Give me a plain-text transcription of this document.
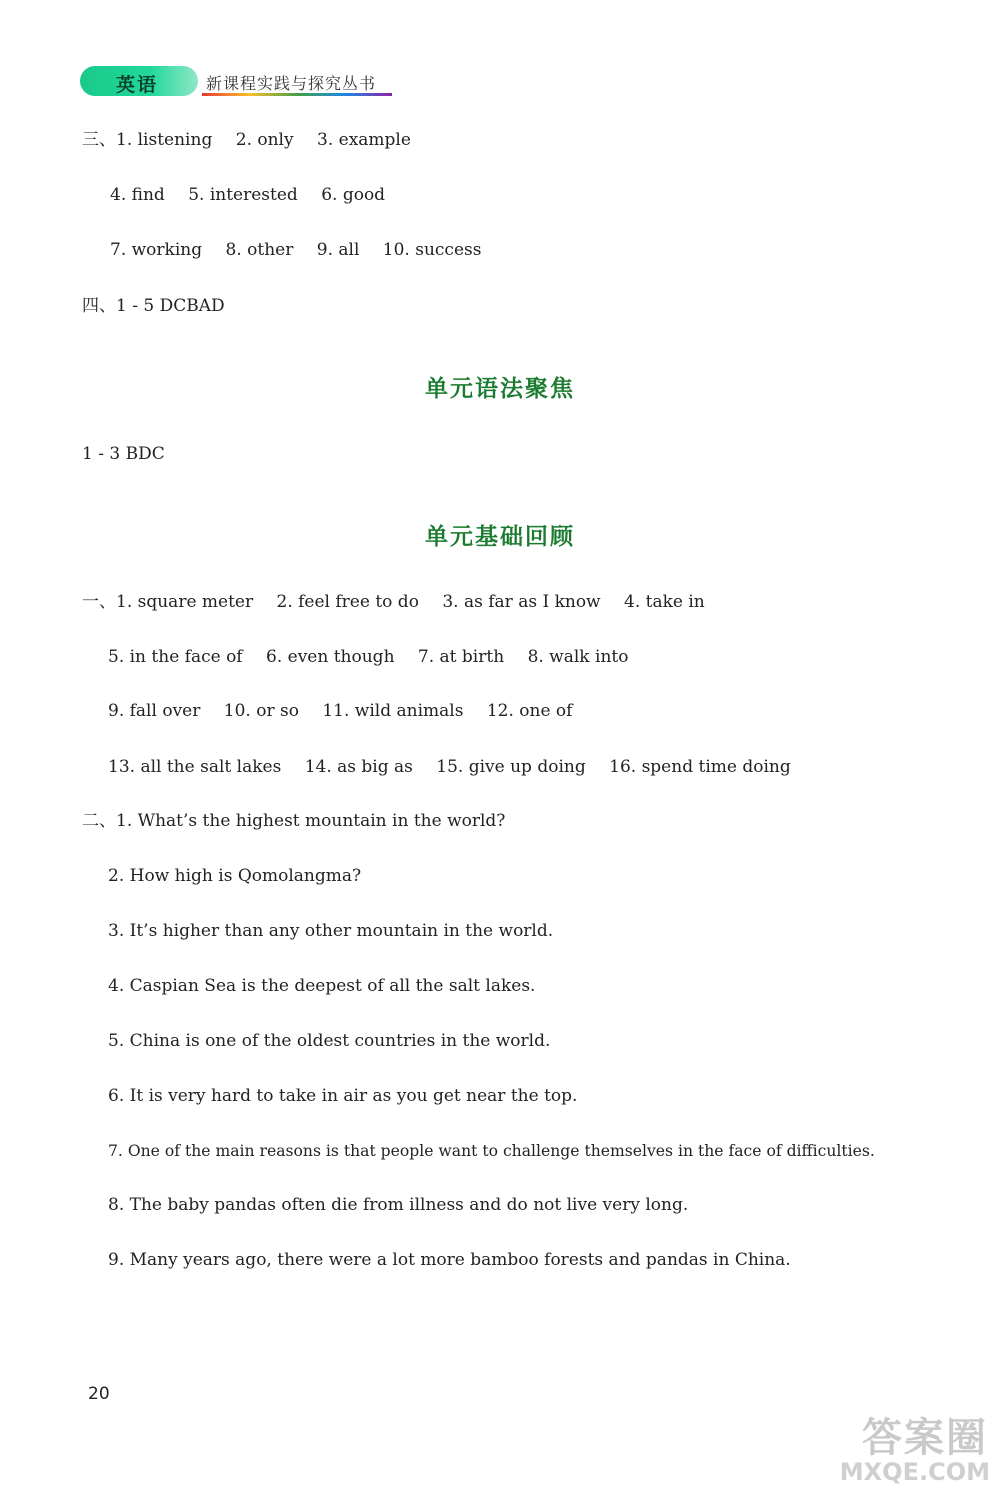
英语	新课程实践与探究丛书
三、1. listening 2. only 3. example
4. find 5. interested 6. good
7. working 8. other 9. all 10. success
四、1 - 5 DCBAD
单元语法聚焦
1 - 3 BDC
单元基础回顾
一、1. square meter 2. feel free to do 3. as far as I know 4. take in
5. in the face of 6. even though 7. at birth 8. walk into
9. fall over 10. or so 11. wild animals 12. one of
13. all the salt lakes 14. as big as 15. give up doing 16. spend time doing
二、1. What’s the highest mountain in the world?
2. How high is Qomolangma?
3. It’s higher than any other mountain in the world.
4. Caspian Sea is the deepest of all the salt lakes.
5. China is one of the oldest countries in the world.
6. It is very hard to take in air as you get near the top.
7. One of the main reasons is that people want to challenge themselves in the face of difficulties.
8. The baby pandas often die from illness and do not live very long.
9. Many years ago, there were a lot more bamboo forests and pandas in China.
20
答案圈
MXQE.COM
